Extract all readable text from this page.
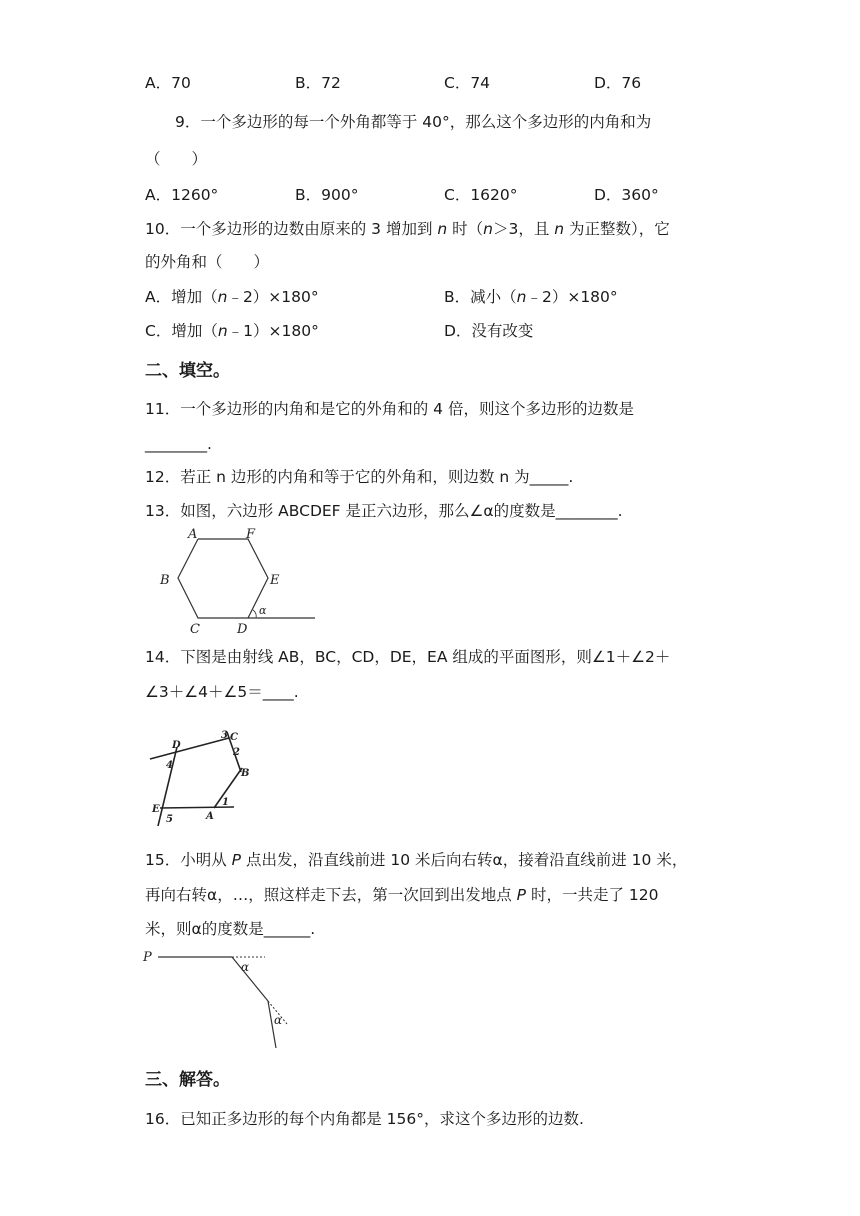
A．70	B．72	C．74	D．76
9．一个多边形的每一个外角都等于 40°，那么这个多边形的内角和为
（　　）
A．1260°	B．900°	C．1620°	D．360°
10．一个多边形的边数由原来的 3 增加到 n 时（n＞3，且 n 为正整数），它
的外角和（　　）
A．增加（n﹣2）×180°	B．减小（n﹣2）×180°
C．增加（n﹣1）×180°	D．没有改变
二、填空。
11．一个多边形的内角和是它的外角和的 4 倍，则这个多边形的边数是
________.
12．若正 n 边形的内角和等于它的外角和，则边数 n 为_____.
13．如图，六边形 ABCDEF 是正六边形，那么∠α的度数是________.
A	F
B	E
C	D
α
14．下图是由射线 AB，BC，CD，DE，EA 组成的平面图形，则∠1＋∠2＋
∠3＋∠4＋∠5＝____.
D
C
3
2
B
4
E
5	A
1
15．小明从 P 点出发，沿直线前进 10 米后向右转α，接着沿直线前进 10 米，
再向右转α，…，照这样走下去，第一次回到出发地点 P 时，一共走了 120
米，则α的度数是______.
P
α
α
三、解答。
16．已知正多边形的每个内角都是 156°，求这个多边形的边数.
